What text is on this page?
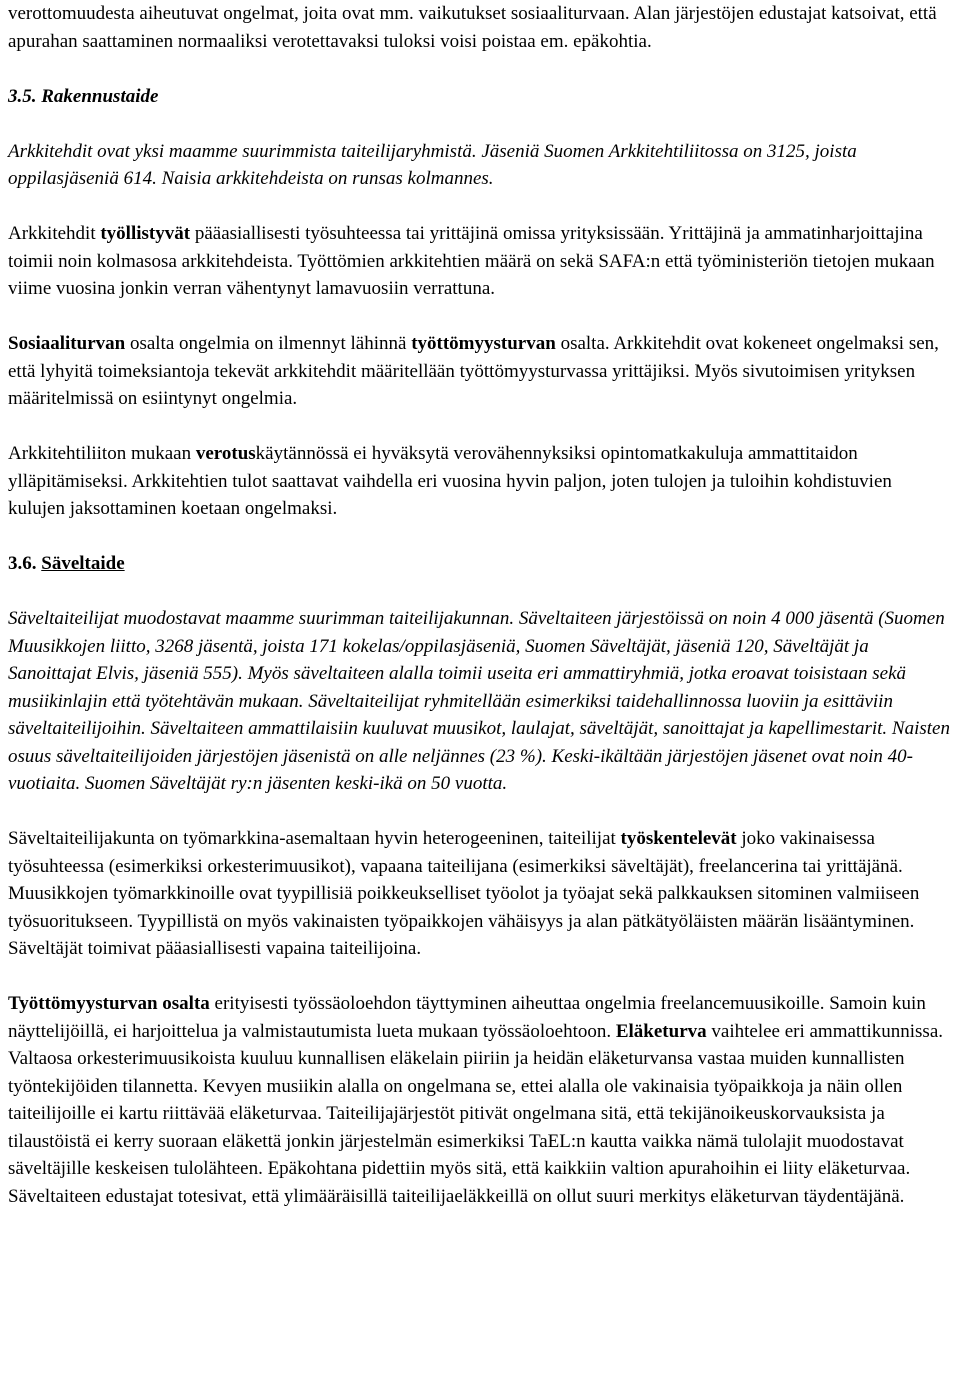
verottomuudesta aiheutuvat ongelmat, joita ovat mm. vaikutukset sosiaaliturvaan. Alan järjestöjen edustajat katsoivat, että apurahan saattaminen normaaliksi verotettavaksi tuloksi voisi poistaa em. epäkohtia.

3.5. Rakennustaide

Arkkitehdit ovat yksi maamme suurimmista taiteilijaryhmistä. Jäseniä Suomen Arkkitehtiliitossa on 3125, joista oppilasjäseniä 614. Naisia arkkitehdeista on runsas kolmannes.

Arkkitehdit työllistyvät pääasiallisesti työsuhteessa tai yrittäjinä omissa yrityksissään. Yrittäjinä ja ammatinharjoittajina toimii noin kolmasosa arkkitehdeista. Työttömien arkkitehtien määrä on sekä SAFA:n että työministeriön tietojen mukaan viime vuosina jonkin verran vähentynyt lamavuosiin verrattuna.

Sosiaaliturvan osalta ongelmia on ilmennyt lähinnä työttömyysturvan osalta. Arkkitehdit ovat kokeneet ongelmaksi sen, että lyhyitä toimeksiantoja tekevät arkkitehdit määritellään työttömyysturvassa yrittäjiksi. Myös sivutoimisen yrityksen määritelmissä on esiintynyt ongelmia.

Arkkitehtiliiton mukaan verotuskäytännössä ei hyväksytä verovähennyksiksi opintomatkakuluja ammattitaidon ylläpitämiseksi. Arkkitehtien tulot saattavat vaihdella eri vuosina hyvin paljon, joten tulojen ja tuloihin kohdistuvien kulujen jaksottaminen koetaan ongelmaksi.

3.6. Säveltaide

Säveltaiteilijat muodostavat maamme suurimman taiteilijakunnan. Säveltaiteen järjestöissä on noin 4 000 jäsentä (Suomen Muusikkojen liitto, 3268 jäsentä, joista 171 kokelas/oppilasjäseniä, Suomen Säveltäjät, jäseniä 120, Säveltäjät ja Sanoittajat Elvis, jäseniä 555). Myös säveltaiteen alalla toimii useita eri ammattiryhmiä, jotka eroavat toisistaan sekä musiikinlajin että työtehtävän mukaan. Säveltaiteilijat ryhmitellään esimerkiksi taidehallinnossa luoviin ja esittäviin säveltaiteilijoihin. Säveltaiteen ammattilaisiin kuuluvat muusikot, laulajat, säveltäjät, sanoittajat ja kapellimestarit. Naisten osuus säveltaiteilijoiden järjestöjen jäsenistä on alle neljännes (23 %). Keski-ikältään järjestöjen jäsenet ovat noin 40-vuotiaita. Suomen Säveltäjät ry:n jäsenten keski-ikä on 50 vuotta.

Säveltaiteilijakunta on työmarkkina-asemaltaan hyvin heterogeeninen, taiteilijat työskentelevät joko vakinaisessa työsuhteessa (esimerkiksi orkesterimuusikot), vapaana taiteilijana (esimerkiksi säveltäjät), freelancerina tai yrittäjänä. Muusikkojen työmarkkinoille ovat tyypillisiä poikkeukselliset työolot ja työajat sekä palkkauksen sitominen valmiiseen työsuoritukseen. Tyypillistä on myös vakinaisten työpaikkojen vähäisyys ja alan pätkätyöläisten määrän lisääntyminen. Säveltäjät toimivat pääasiallisesti vapaina taiteilijoina.

Työttömyysturvan osalta erityisesti työssäoloehdon täyttyminen aiheuttaa ongelmia freelancemuusikoille. Samoin kuin näyttelijöillä, ei harjoittelua ja valmistautumista lueta mukaan työssäoloehtoon. Eläketurva vaihtelee eri ammattikunnissa. Valtaosa orkesterimuusikoista kuuluu kunnallisen eläkelain piiriin ja heidän eläketurvansa vastaa muiden kunnallisten työntekijöiden tilannetta. Kevyen musiikin alalla on ongelmana se, ettei alalla ole vakinaisia työpaikkoja ja näin ollen taiteilijoille ei kartu riittävää eläketurvaa. Taiteilijajärjestöt pitivät ongelmana sitä, että tekijänoikeuskorvauksista ja tilaustöistä ei kerry suoraan eläkettä jonkin järjestelmän esimerkiksi TaEL:n kautta vaikka nämä tulolajit muodostavat säveltäjille keskeisen tulolähteen. Epäkohtana pidettiin myös sitä, että kaikkiin valtion apurahoihin ei liity eläketurvaa. Säveltaiteen edustajat totesivat, että ylimääräisillä taiteilijaeläkkeillä on ollut suuri merkitys eläketurvan täydentäjänä.
